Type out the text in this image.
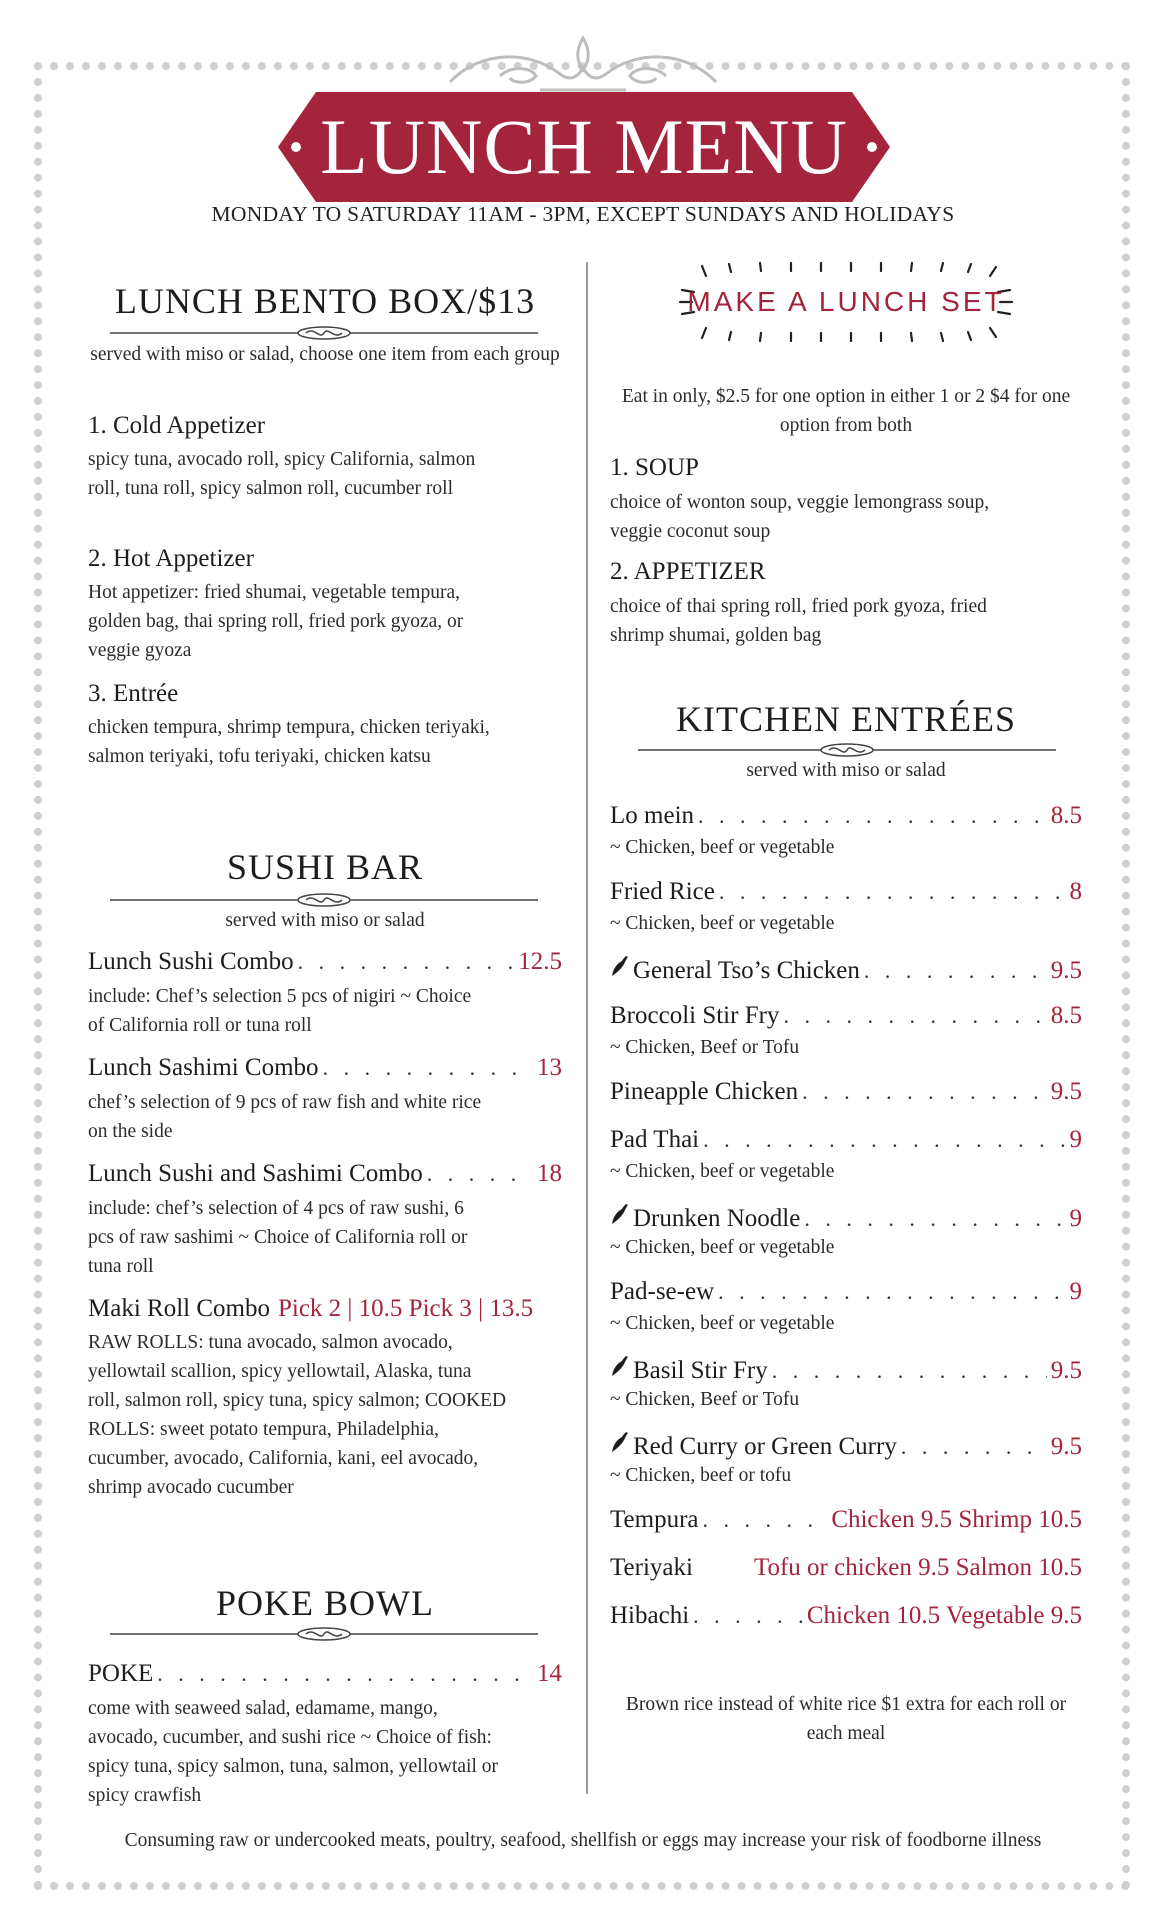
LUNCH MENU
MONDAY TO SATURDAY 11AM - 3PM, EXCEPT SUNDAYS AND HOLIDAYS
LUNCH BENTO BOX/$13
served with miso or salad, choose one item from each group
1. Cold Appetizer
spicy tuna, avocado roll, spicy California, salmon roll, tuna roll, spicy salmon roll, cucumber roll
2. Hot Appetizer
Hot appetizer: fried shumai, vegetable tempura, golden bag, thai spring roll, fried pork gyoza, or veggie gyoza
3. Entrée
chicken tempura, shrimp tempura, chicken teriyaki, salmon teriyaki, tofu teriyaki, chicken katsu
SUSHI BAR
served with miso or salad
Lunch Sushi Combo . . .	12.5
include: Chef’s selection 5 pcs of nigiri ~ Choice of California roll or tuna roll
Lunch Sashimi Combo . . .	13
chef’s selection of 9 pcs of raw fish and white rice on the side
Lunch Sushi and Sashimi Combo . . .	18
include: chef’s selection of 4 pcs of raw sushi, 6 pcs of raw sashimi ~ Choice of California roll or tuna roll
Maki Roll Combo Pick 2 | 10.5 Pick 3 | 13.5
RAW ROLLS: tuna avocado, salmon avocado, yellowtail scallion, spicy yellowtail, Alaska, tuna roll, salmon roll, spicy tuna, spicy salmon; COOKED ROLLS: sweet potato tempura, Philadelphia, cucumber, avocado, California, kani, eel avocado, shrimp avocado cucumber
POKE BOWL
POKE . . .	14
come with seaweed salad, edamame, mango, avocado, cucumber, and sushi rice ~ Choice of fish: spicy tuna, spicy salmon, tuna, salmon, yellowtail or spicy crawfish
MAKE A LUNCH SET
Eat in only, $2.5 for one option in either 1 or 2 $4 for one option from both
1. SOUP
choice of wonton soup, veggie lemongrass soup, veggie coconut soup
2. APPETIZER
choice of thai spring roll, fried pork gyoza, fried shrimp shumai, golden bag
KITCHEN ENTRÉES
served with miso or salad
Lo mein . . .	8.5
~ Chicken, beef or vegetable
Fried Rice . . .	8
~ Chicken, beef or vegetable
General Tso’s Chicken . . .	9.5
Broccoli Stir Fry . . .	8.5
~ Chicken, Beef or Tofu
Pineapple Chicken . . .	9.5
Pad Thai . . .	9
~ Chicken, beef or vegetable
Drunken Noodle . . .	9
~ Chicken, beef or vegetable
Pad-se-ew . . .	9
~ Chicken, beef or vegetable
Basil Stir Fry . . .	9.5
~ Chicken, Beef or Tofu
Red Curry or Green Curry . . .	9.5
~ Chicken, beef or tofu
Tempura . . .	Chicken 9.5 Shrimp 10.5
Teriyaki Tofu or chicken 9.5 Salmon 10.5
Hibachi . . .	Chicken 10.5 Vegetable 9.5
Brown rice instead of white rice $1 extra for each roll or each meal
Consuming raw or undercooked meats, poultry, seafood, shellfish or eggs may increase your risk of foodborne illness
